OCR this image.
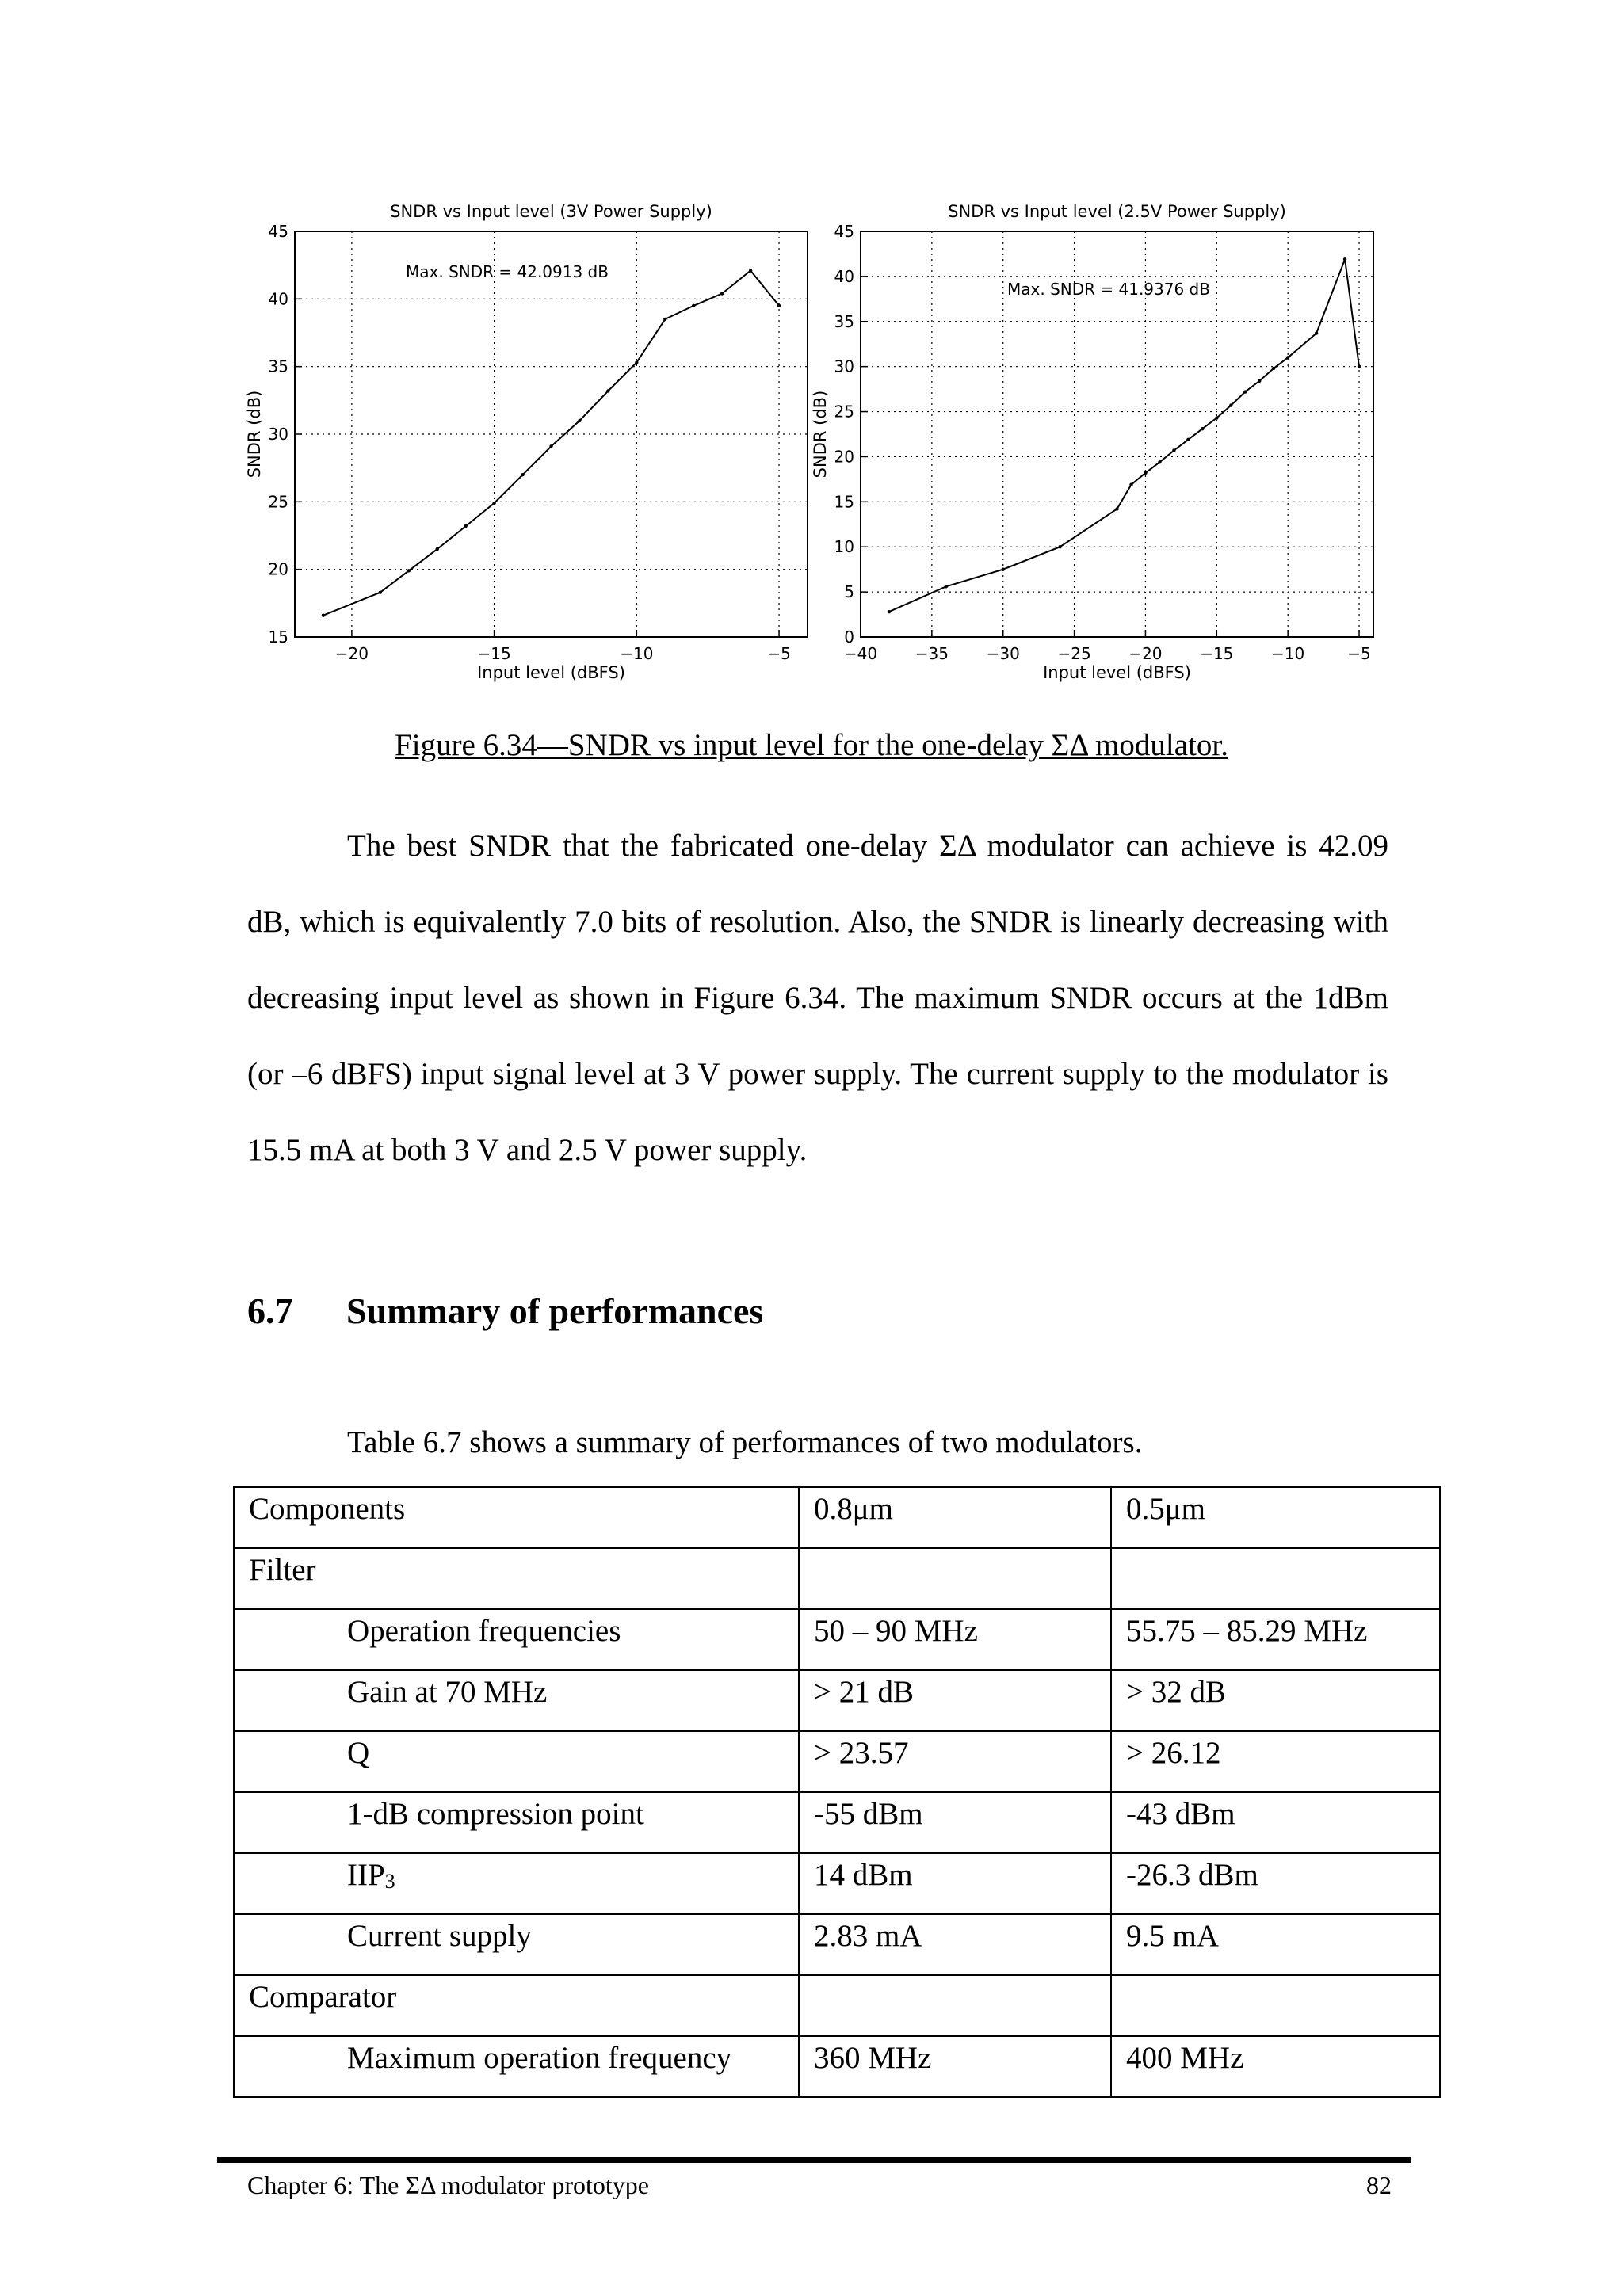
−20	−15	−10	−5
15
20
25
30
35
40
45
SNDR vs Input level (3V Power Supply)
Input level (dBFS)
SNDR (dB)
Max. SNDR = 42.0913 dB
−40 −35 −30 −25 −20 −15 −10	−5
0
5
10
15
20
25
30
35
40
45
SNDR vs Input level (2.5V Power Supply)
Input level (dBFS)
SNDR (dB)
Max. SNDR = 41.9376 dB
Figure 6.34—SNDR vs input level for the one-delay ΣΔ modulator.

The best SNDR that the fabricated one-delay ΣΔ modulator can achieve is 42.09 dB, which is equivalently 7.0 bits of resolution. Also, the SNDR is linearly decreasing with decreasing input level as shown in Figure 6.34. The maximum SNDR occurs at the 1dBm (or –6 dBFS) input signal level at 3 V power supply. The current supply to the modulator is 15.5 mA at both 3 V and 2.5 V power supply.

6.7 Summary of performances
Table 6.7 shows a summary of performances of two modulators.
Components	0.8μm	0.5μm
Filter		
Operation frequencies	50 – 90 MHz	55.75 – 85.29 MHz
Gain at 70 MHz	> 21 dB	> 32 dB
Q	> 23.57	> 26.12
1-dB compression point	-55 dBm	-43 dBm
$IIP_3$	14 dBm	-26.3 dBm
Current supply	2.83 mA	9.5 mA
Comparator		
Maximum operation frequency	360 MHz	400 MHz
Chapter 6: The ΣΔ modulator prototype	82
